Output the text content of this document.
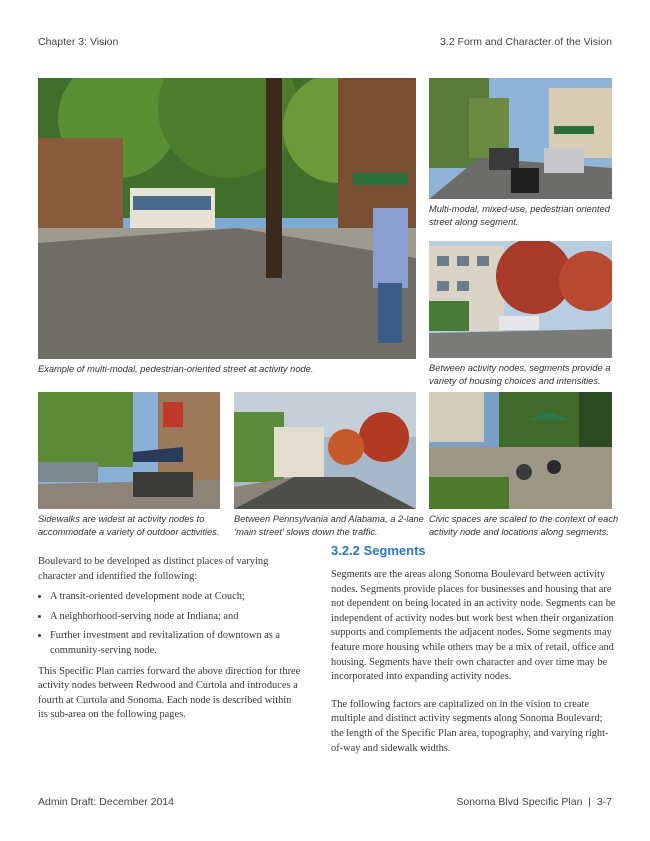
Chapter 3: Vision	3.2 Form and Character of the Vision
Example of multi-modal, pedestrian-oriented street at activity node.
Multi-modal, mixed-use, pedestrian oriented street along segment.
Between activity nodes, segments provide a variety of housing choices and intensities.
Sidewalks are widest at activity nodes to accommodate a variety of outdoor activities.
Between Pennsylvania and Alabama, a 2-lane ‘main street’ slows down the traffic.
Civic spaces are scaled to the context of each activity node and locations along segments.

Boulevard to be developed as distinct places of varying character and identified the following:

• A transit-oriented development node at Couch;
• A neighborhood-serving node at Indiana; and
• Further investment and revitalization of downtown as a community-serving node.

This Specific Plan carries forward the above direction for three activity nodes between Redwood and Curtola and introduces a fourth at Curtola and Sonoma. Each node is described within its sub-area on the following pages.

3.2.2 Segments

Segments are the areas along Sonoma Boulevard between activity nodes. Segments provide places for businesses and housing that are not dependent on being located in an activity node. Segments can be independent of activity nodes but work best when their organization supports and complements the adjacent nodes. Some segments may feature more housing while others may be a mix of retail, office and housing. Segments have their own character and over time may be incorporated into expanding activity nodes.

The following factors are capitalized on in the vision to create multiple and distinct activity segments along Sonoma Boulevard; the length of the Specific Plan area, topography, and varying right-of-way and sidewalk widths.

Admin Draft: December 2014	Sonoma Blvd Specific Plan  |  3-7
